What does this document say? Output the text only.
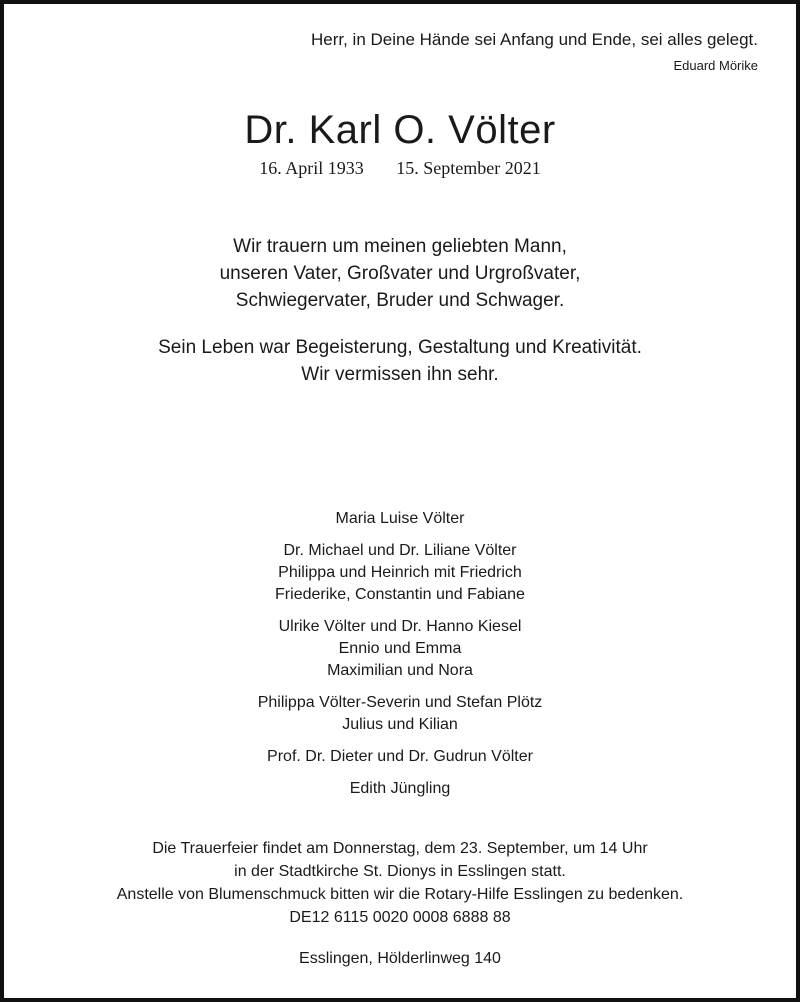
Herr, in Deine Hände sei Anfang und Ende, sei alles gelegt.
Eduard Mörike
Dr. Karl O. Völter
16. April 1933 15. September 2021
Wir trauern um meinen geliebten Mann,
unseren Vater, Großvater und Urgroßvater,
Schwiegervater, Bruder und Schwager.
Sein Leben war Begeisterung, Gestaltung und Kreativität.
Wir vermissen ihn sehr.
Maria Luise Völter
Dr. Michael und Dr. Liliane Völter
Philippa und Heinrich mit Friedrich
Friederike, Constantin und Fabiane
Ulrike Völter und Dr. Hanno Kiesel
Ennio und Emma
Maximilian und Nora
Philippa Völter-Severin und Stefan Plötz
Julius und Kilian
Prof. Dr. Dieter und Dr. Gudrun Völter
Edith Jüngling
Die Trauerfeier findet am Donnerstag, dem 23. September, um 14 Uhr
in der Stadtkirche St. Dionys in Esslingen statt.
Anstelle von Blumenschmuck bitten wir die Rotary-Hilfe Esslingen zu bedenken.
DE12 6115 0020 0008 6888 88
Esslingen, Hölderlinweg 140
